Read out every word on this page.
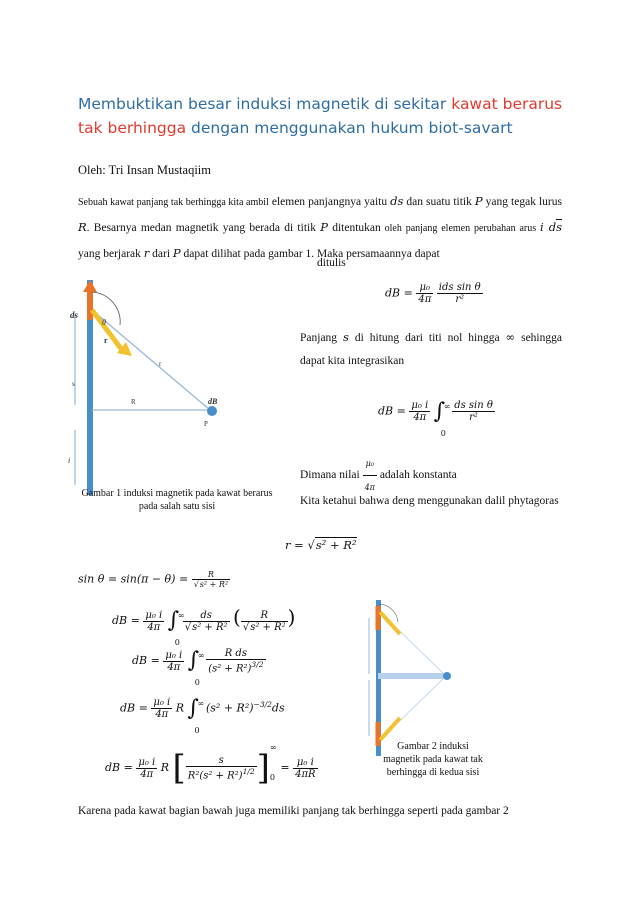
Membuktikan besar induksi magnetik di sekitar kawat berarus tak berhingga dengan menggunakan hukum biot-savart
Oleh: Tri Insan Mustaqiim
Sebuah kawat panjang tak berhingga kita ambil elemen panjangnya yaitu ds dan suatu titik P yang tegak lurus R. Besarnya medan magnetik yang berada di titik P ditentukan oleh panjang elemen perubahan arus i $d\overline{s}$ yang berjarak r dari P dapat dilihat pada gambar 1. Maka persamaannya dapat
ditulis
ds⃗
θ
r
r
s
R	dB⃗
P
i
Gambar 1 induksi magnetik pada kawat berarus pada salah satu sisi
dB = $\frac{\text{μ₀}}{4\pi}$
$\frac{\text{ids sin θ}}{\text{r²}}$
Panjang s di hitung dari titi nol hingga ∞ sehingga dapat kita integrasikan
dB = $\frac{\text{μ₀ i}}{4\pi}$ ∫
∞
0

$\frac{\text{ds sin θ}}{\text{r²}}$
Dimana nilai $\frac{\text{μ₀}}{4\pi}$ adalah konstanta
Kita ketahui bahwa deng menggunakan dalil phytagoras
r = √s² + R²
$\sin \theta = \sin(\pi - \theta) = \frac{R}{\text{√s² + R²}}$
dB = $\frac{\text{μ₀ i}}{4\pi}$ ∫
∞
0

$\frac{ds}{\text{√s² + R²}}$ ( $\frac{R}{\text{√s² + R²}}$ )
dB = $\frac{\text{μ₀ i}}{4\pi}$ ∫
∞
0

$\frac{\text{R ds}}{(s^2 + R^2)^{3/2}}$
dB = $\frac{\text{μ₀ i}}{4\pi}$ R ∫
∞
0
$(s^2 + R^2)^{-3/2}ds$
dB = $\frac{\text{μ₀ i}}{4\pi}$ R [ $\frac{s}{R^2(s^2 + R^2)^{1/2}}$ ]
∞
0
= $\frac{\text{μ₀ i}}{4\pi R}$
Gambar 2 induksi magnetik pada kawat tak berhingga di kedua sisi
Karena pada kawat bagian bawah juga memiliki panjang tak berhingga seperti pada gambar 2
